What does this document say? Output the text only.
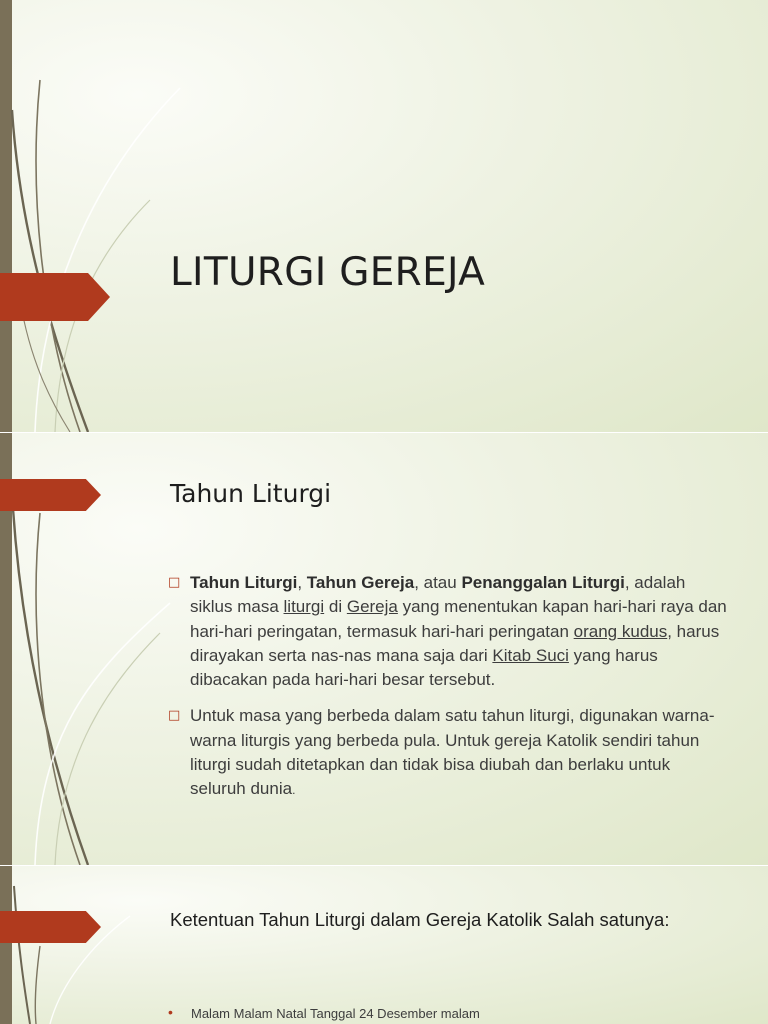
LITURGI GEREJA
Tahun Liturgi

□ Tahun Liturgi, Tahun Gereja, atau Penanggalan Liturgi, adalah siklus masa liturgi di Gereja yang menentukan kapan hari-hari raya dan hari-hari peringatan, termasuk hari-hari peringatan orang kudus, harus dirayakan serta nas-nas mana saja dari Kitab Suci yang harus dibacakan pada hari-hari besar tersebut.

□ Untuk masa yang berbeda dalam satu tahun liturgi, digunakan warna-warna liturgis yang berbeda pula. Untuk gereja Katolik sendiri tahun liturgi sudah ditetapkan dan tidak bisa diubah dan berlaku untuk seluruh dunia.

Ketentuan Tahun Liturgi dalam Gereja Katolik Salah satunya:
• Malam Malam Natal Tanggal 24 Desember malam
